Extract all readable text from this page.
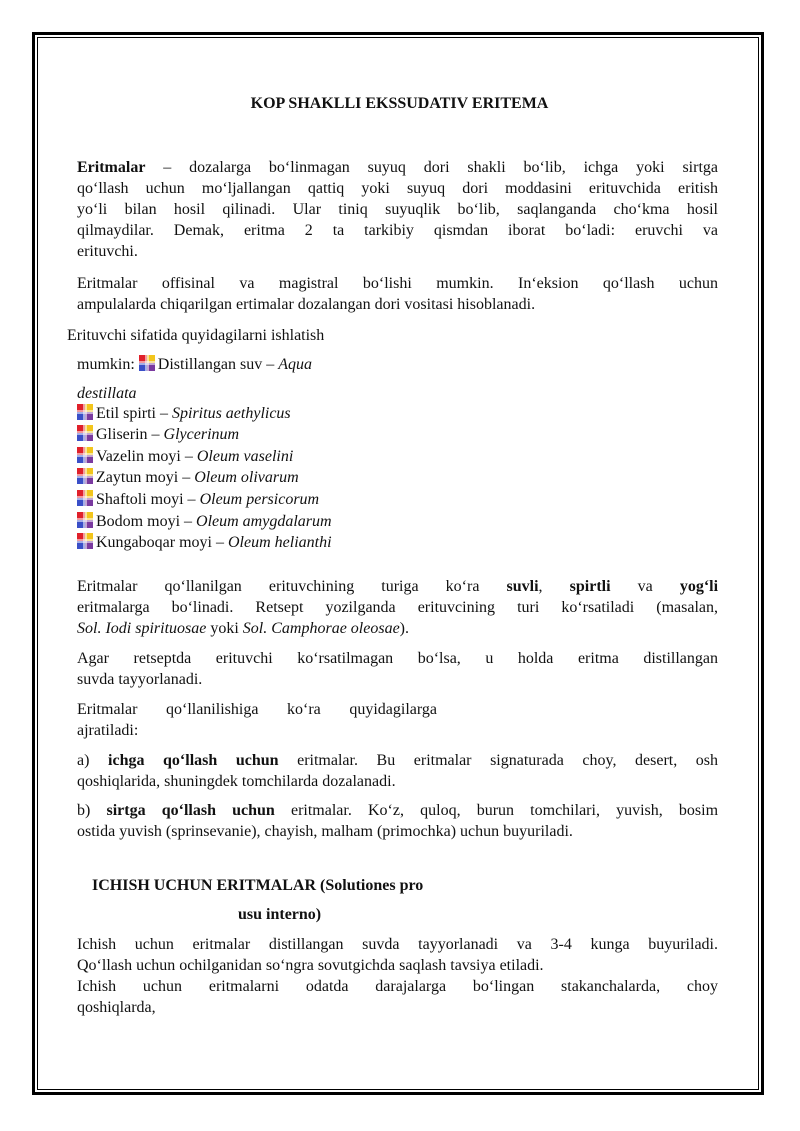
KOP SHAKLLI EKSSUDATIV ERITEMA
Eritmalar – dozalarga bo‘linmagan suyuq dori shakli bo‘lib, ichga yoki sirtga
qo‘llash uchun mo‘ljallangan qattiq yoki suyuq dori moddasini erituvchida eritish
yo‘li bilan hosil qilinadi. Ular tiniq suyuqlik bo‘lib, saqlanganda cho‘kma hosil
qilmaydilar. Demak, eritma 2 ta tarkibiy qismdan iborat bo‘ladi: eruvchi va
erituvchi.
Eritmalar offisinal va magistral bo‘lishi mumkin. In‘eksion qo‘llash uchun
ampulalarda chiqarilgan ertimalar dozalangan dori vositasi hisoblanadi.
Erituvchi sifatida quyidagilarni ishlatish
mumkin: Distillangan suv – Aqua
destillata
Etil spirti – Spiritus aethylicus
Gliserin – Glycerinum
Vazelin moyi – Oleum vaselini
Zaytun moyi – Oleum olivarum
Shaftoli moyi – Oleum persicorum
Bodom moyi – Oleum amygdalarum
Kungaboqar moyi – Oleum helianthi
Eritmalar qo‘llanilgan erituvchining turiga ko‘ra suvli, spirtli va yog‘li
eritmalarga bo‘linadi. Retsept yozilganda erituvcining turi ko‘rsatiladi (masalan,
Sol. Iodi spirituosae yoki Sol. Camphorae oleosae).
Agar retseptda erituvchi ko‘rsatilmagan bo‘lsa, u holda eritma distillangan
suvda tayyorlanadi.
Eritmalar qo‘llanilishiga ko‘ra quyidagilarga
ajratiladi:
a) ichga qo‘llash uchun eritmalar. Bu eritmalar signaturada choy, desert, osh
qoshiqlarida, shuningdek tomchilarda dozalanadi.
b) sirtga qo‘llash uchun eritmalar. Ko‘z, quloq, burun tomchilari, yuvish, bosim
ostida yuvish (sprinsevanie), chayish, malham (primochka) uchun buyuriladi.
ICHISH UCHUN ERITMALAR (Solutiones pro
usu interno)
Ichish uchun eritmalar distillangan suvda tayyorlanadi va 3-4 kunga buyuriladi.
Qo‘llash uchun ochilganidan so‘ngra sovutgichda saqlash tavsiya etiladi.
Ichish uchun eritmalarni odatda darajalarga bo‘lingan stakanchalarda, choy
qoshiqlarda,
